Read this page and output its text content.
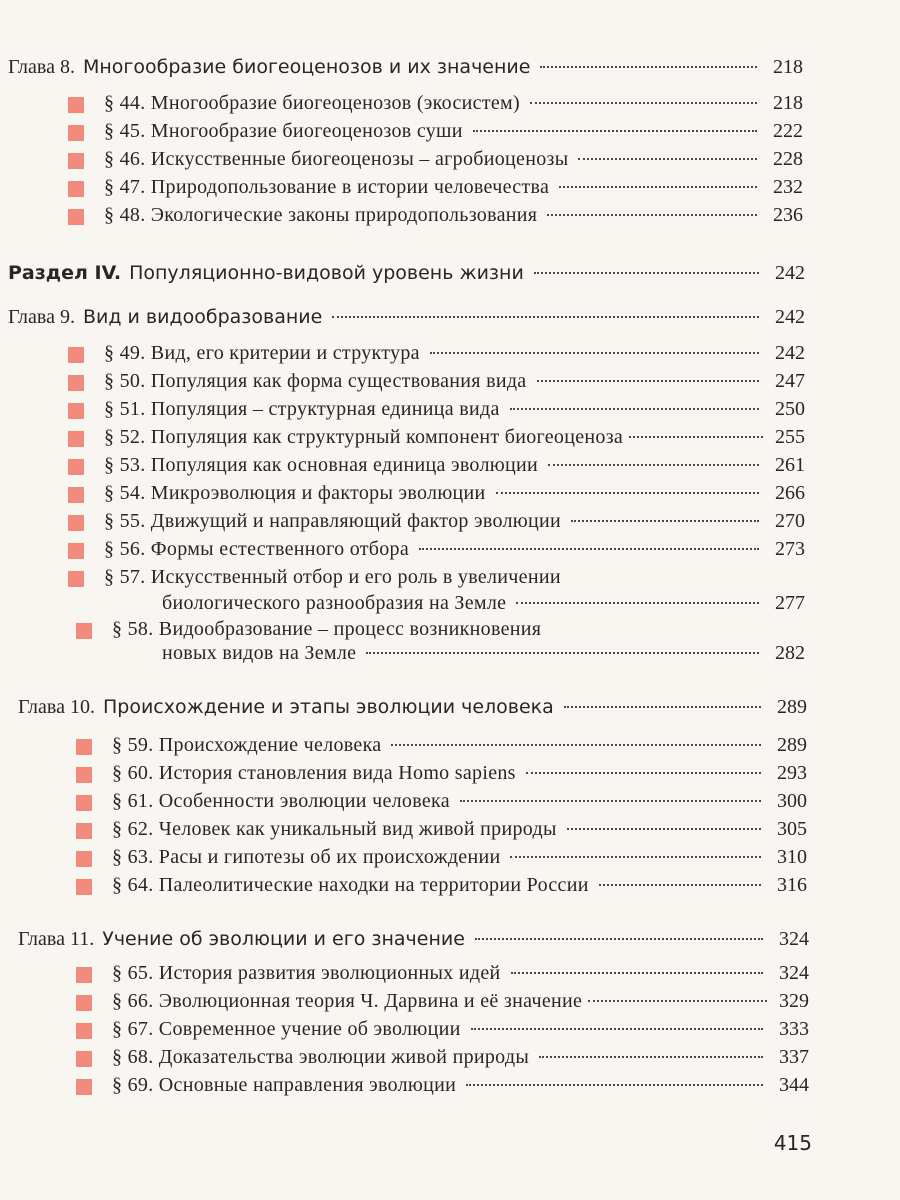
Глава 8. Многообразие биогеоценозов и их значение	218
§ 44. Многообразие биогеоценозов (экосистем)	218
§ 45. Многообразие биогеоценозов суши	222
§ 46. Искусственные биогеоценозы – агробиоценозы	228
§ 47. Природопользование в истории человечества	232
§ 48. Экологические законы природопользования	236
Раздел IV. Популяционно-видовой уровень жизни	242
Глава 9. Вид и видообразование	242
§ 49. Вид, его критерии и структура	242
§ 50. Популяция как форма существования вида	247
§ 51. Популяция – структурная единица вида	250
§ 52. Популяция как структурный компонент биогеоценоза	255
§ 53. Популяция как основная единица эволюции	261
§ 54. Микроэволюция и факторы эволюции	266
§ 55. Движущий и направляющий фактор эволюции	270
§ 56. Формы естественного отбора	273
§ 57. Искусственный отбор и его роль в увеличении
биологического разнообразия на Земле	277
§ 58. Видообразование – процесс возникновения
новых видов на Земле	282
Глава 10. Происхождение и этапы эволюции человека	289
§ 59. Происхождение человека	289
§ 60. История становления вида Homo sapiens	293
§ 61. Особенности эволюции человека	300
§ 62. Человек как уникальный вид живой природы	305
§ 63. Расы и гипотезы об их происхождении	310
§ 64. Палеолитические находки на территории России	316
Глава 11. Учение об эволюции и его значение	324
§ 65. История развития эволюционных идей	324
§ 66. Эволюционная теория Ч. Дарвина и её значение	329
§ 67. Современное учение об эволюции	333
§ 68. Доказательства эволюции живой природы	337
§ 69. Основные направления эволюции	344
415
